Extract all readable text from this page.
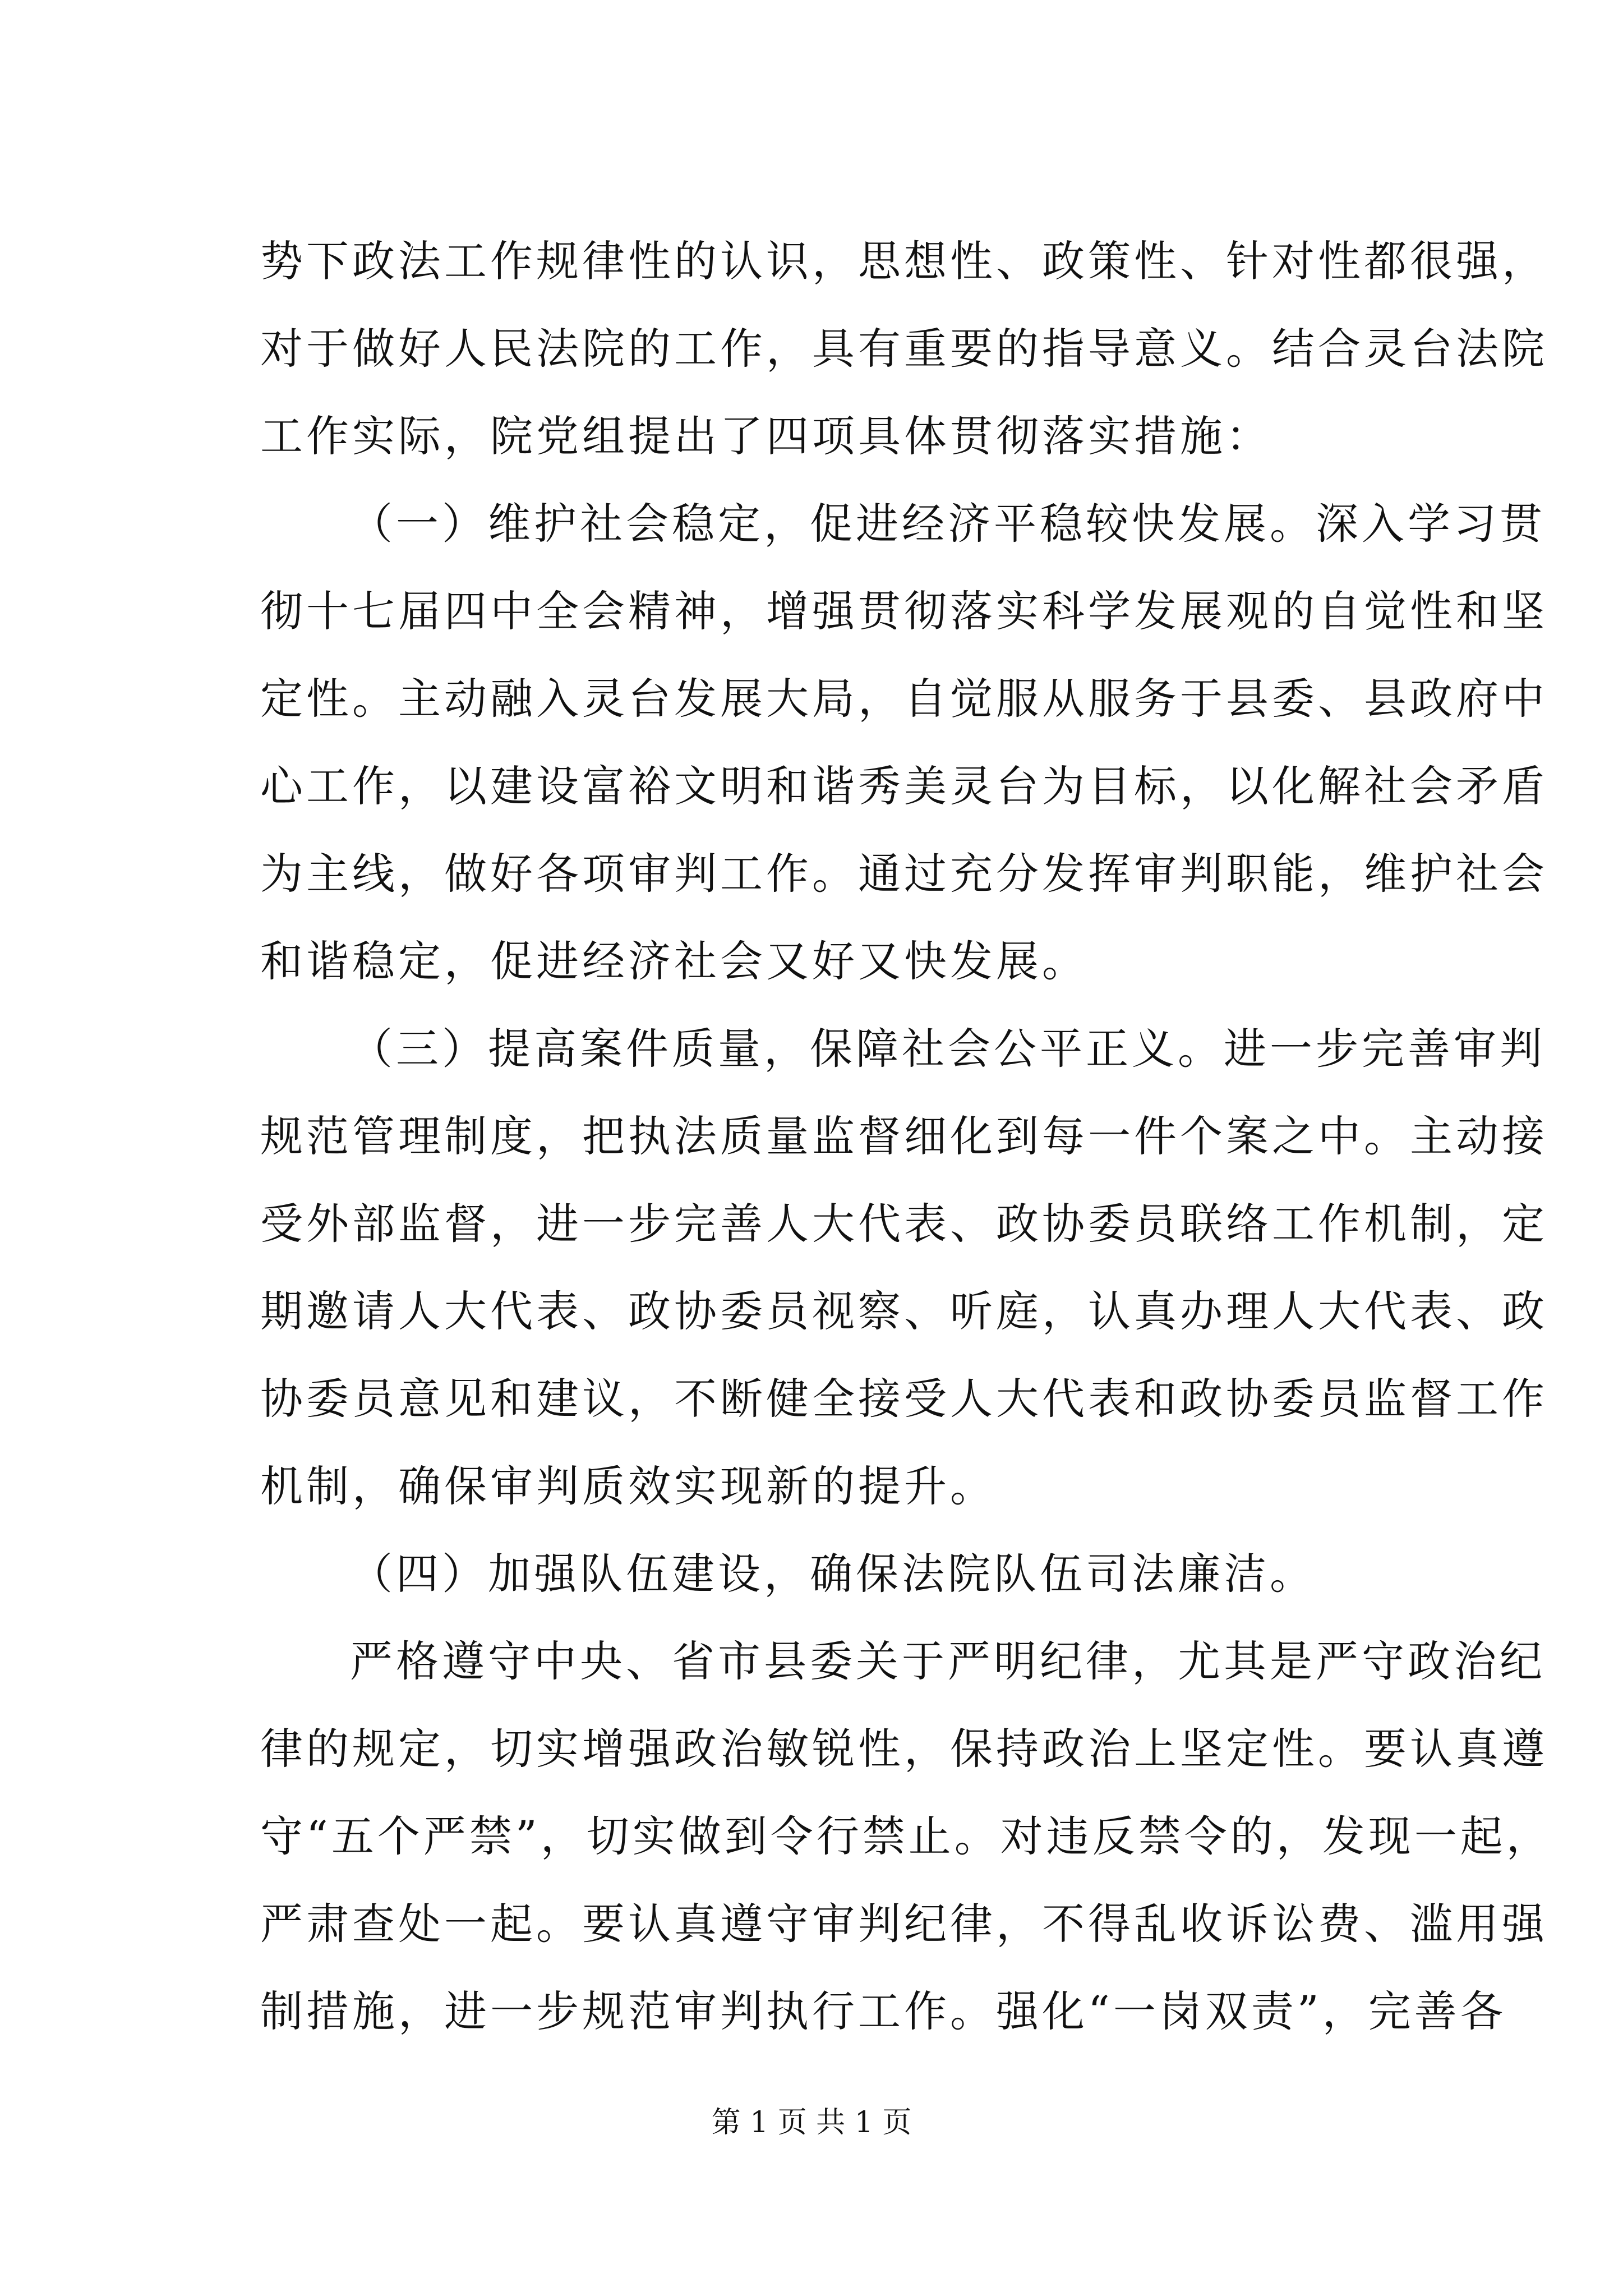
势下政法工作规律性的认识，思想性、政策性、针对性都很强，
对于做好人民法院的工作，具有重要的指导意义。结合灵台法院
工作实际，院党组提出了四项具体贯彻落实措施：
（一）维护社会稳定，促进经济平稳较快发展。深入学习贯
彻十七届四中全会精神，增强贯彻落实科学发展观的自觉性和坚
定性。主动融入灵台发展大局，自觉服从服务于县委、县政府中
心工作，以建设富裕文明和谐秀美灵台为目标，以化解社会矛盾
为主线，做好各项审判工作。通过充分发挥审判职能，维护社会
和谐稳定，促进经济社会又好又快发展。
（三）提高案件质量，保障社会公平正义。进一步完善审判
规范管理制度，把执法质量监督细化到每一件个案之中。主动接
受外部监督，进一步完善人大代表、政协委员联络工作机制，定
期邀请人大代表、政协委员视察、听庭，认真办理人大代表、政
协委员意见和建议，不断健全接受人大代表和政协委员监督工作
机制，确保审判质效实现新的提升。
（四）加强队伍建设，确保法院队伍司法廉洁。
严格遵守中央、省市县委关于严明纪律，尤其是严守政治纪
律的规定，切实增强政治敏锐性，保持政治上坚定性。要认真遵
守“五个严禁”，切实做到令行禁止。对违反禁令的，发现一起，
严肃查处一起。要认真遵守审判纪律，不得乱收诉讼费、滥用强
制措施，进一步规范审判执行工作。强化“一岗双责”，完善各
第 1 页 共 1 页
